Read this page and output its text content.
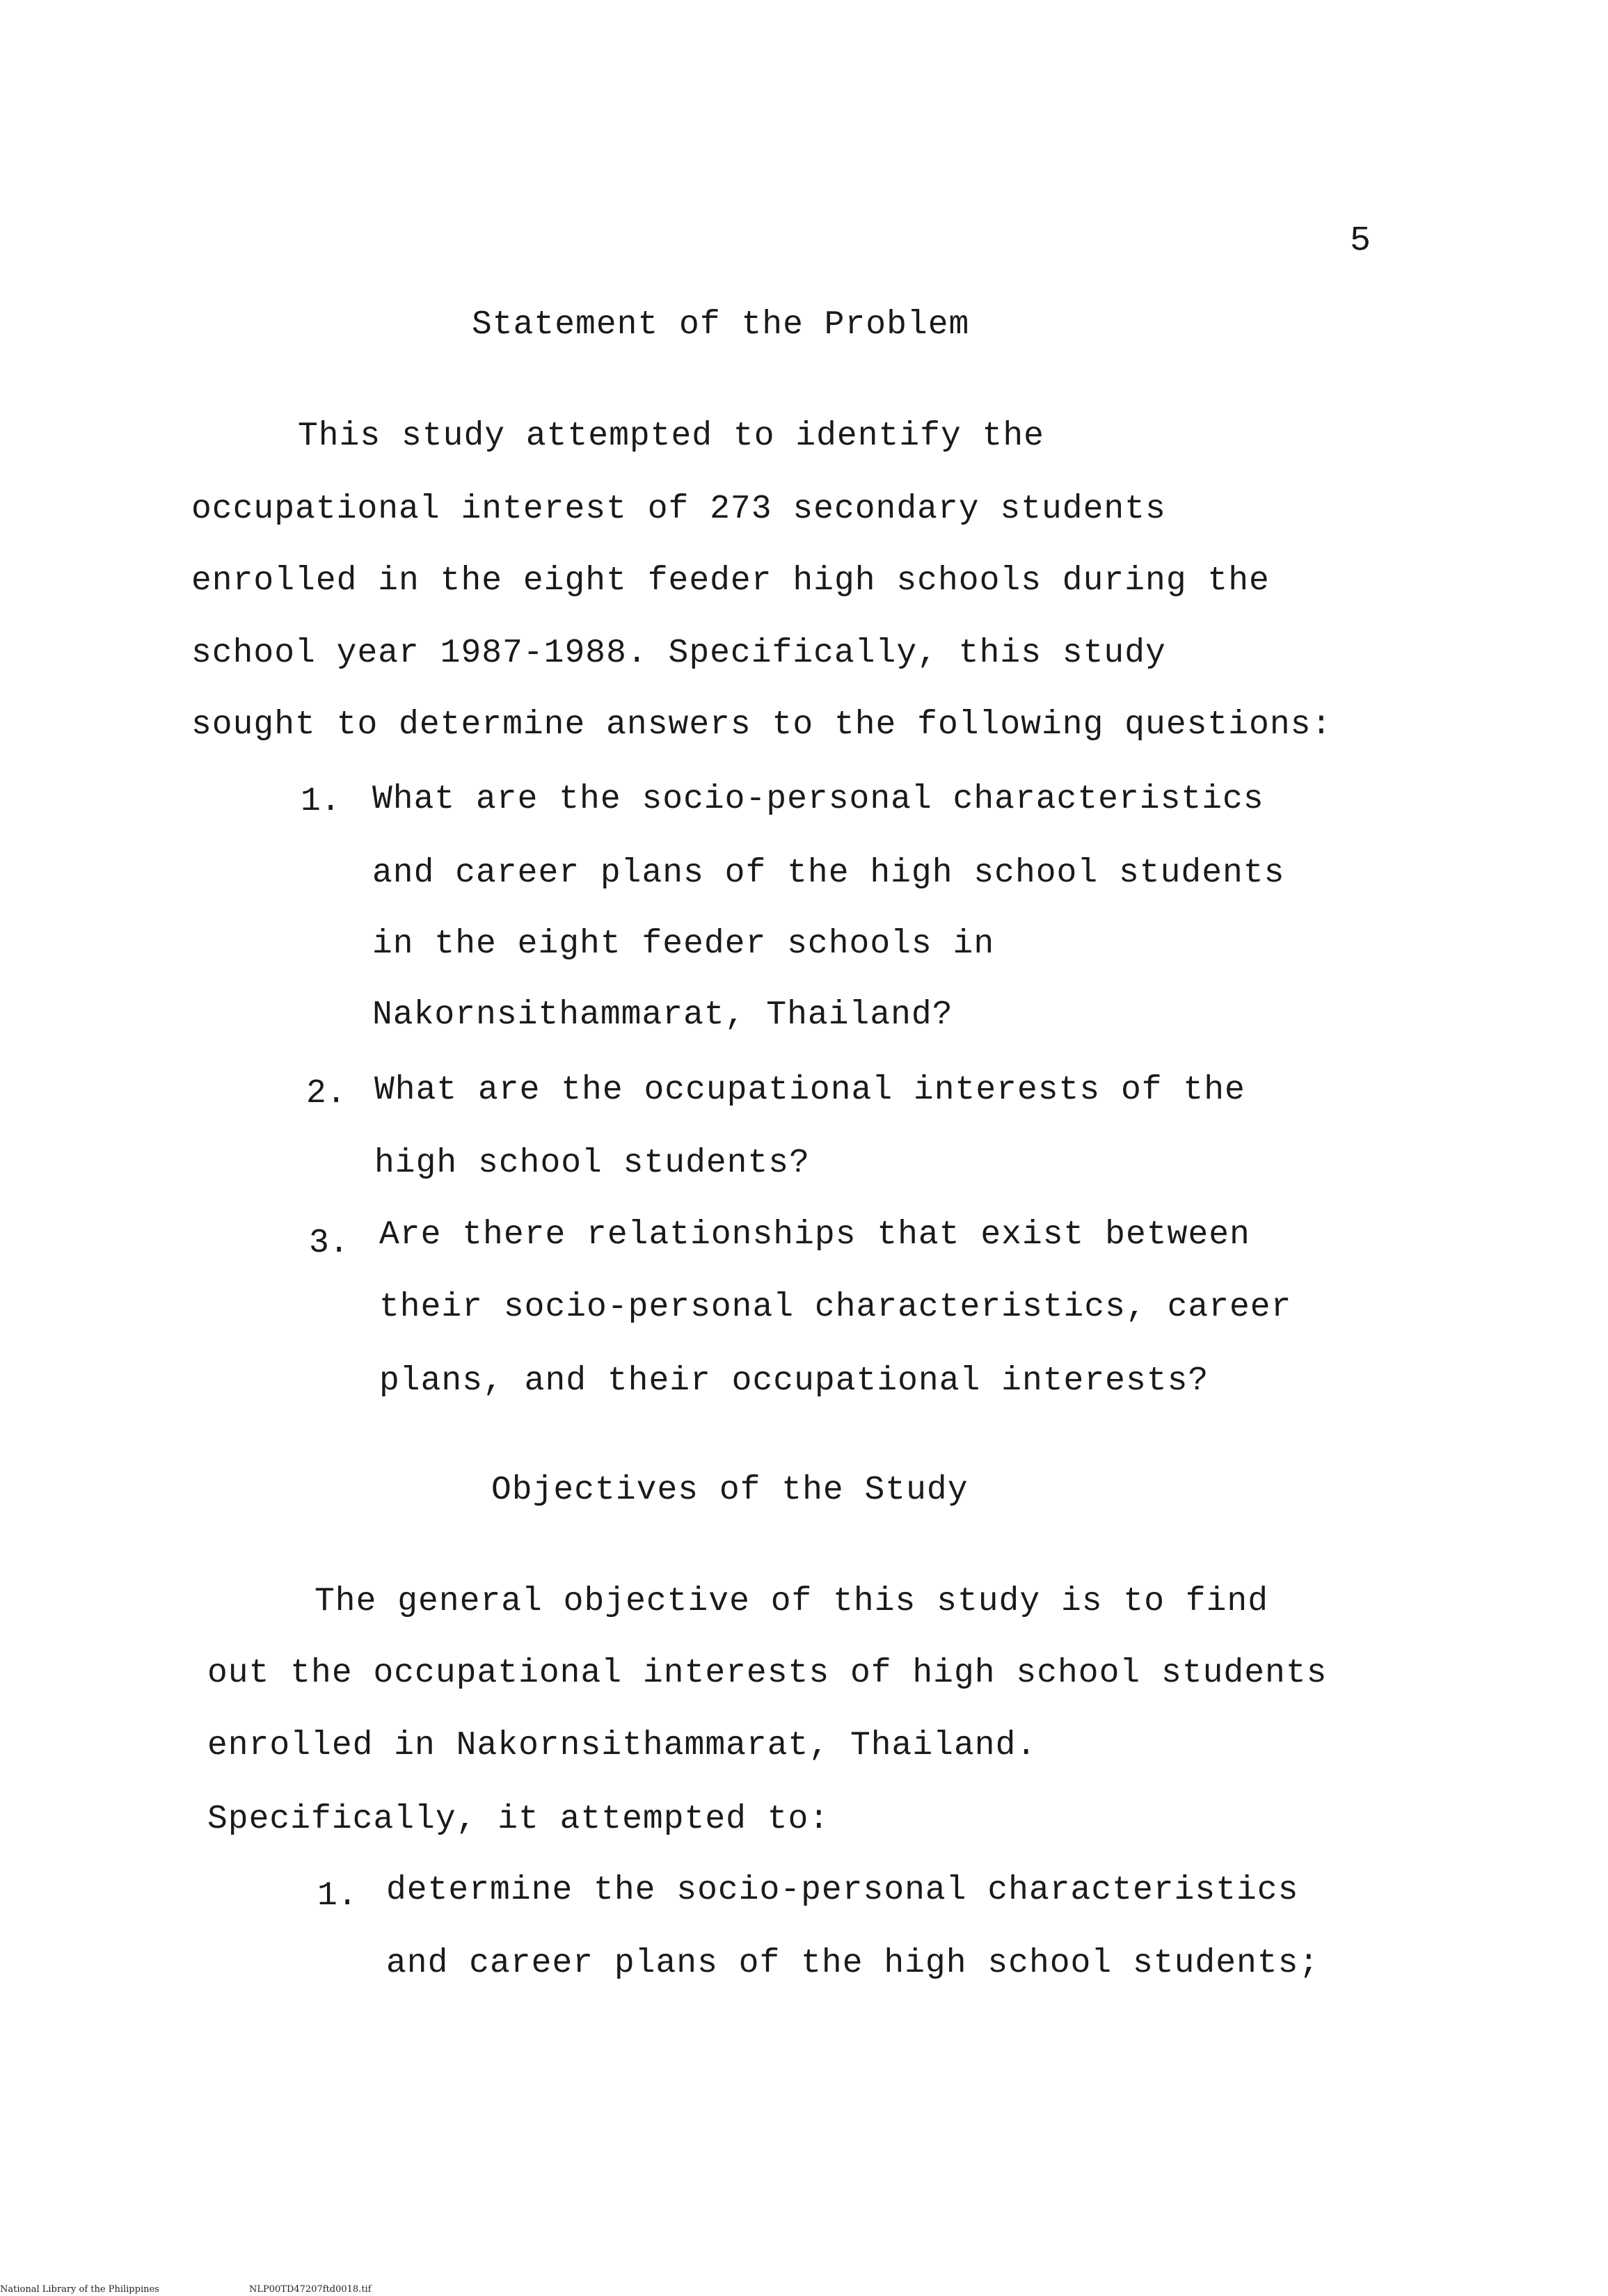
5
Statement of the Problem
This study attempted to identify the
occupational interest of 273 secondary students
enrolled in the eight feeder high schools during the
school year 1987-1988. Specifically, this study
sought to determine answers to the following questions:
1. What are the socio-personal characteristics
and career plans of the high school students
in the eight feeder schools in
Nakornsithammarat, Thailand?
2. What are the occupational interests of the
high school students?
3. Are there relationships that exist between
their socio-personal characteristics, career
plans, and their occupational interests?
Objectives of the Study
The general objective of this study is to find
out the occupational interests of high school students
enrolled in Nakornsithammarat, Thailand.
Specifically, it attempted to:
1. determine the socio-personal characteristics
and career plans of the high school students;
National Library of the Philippines	NLP00TD47207ftd0018.tif
